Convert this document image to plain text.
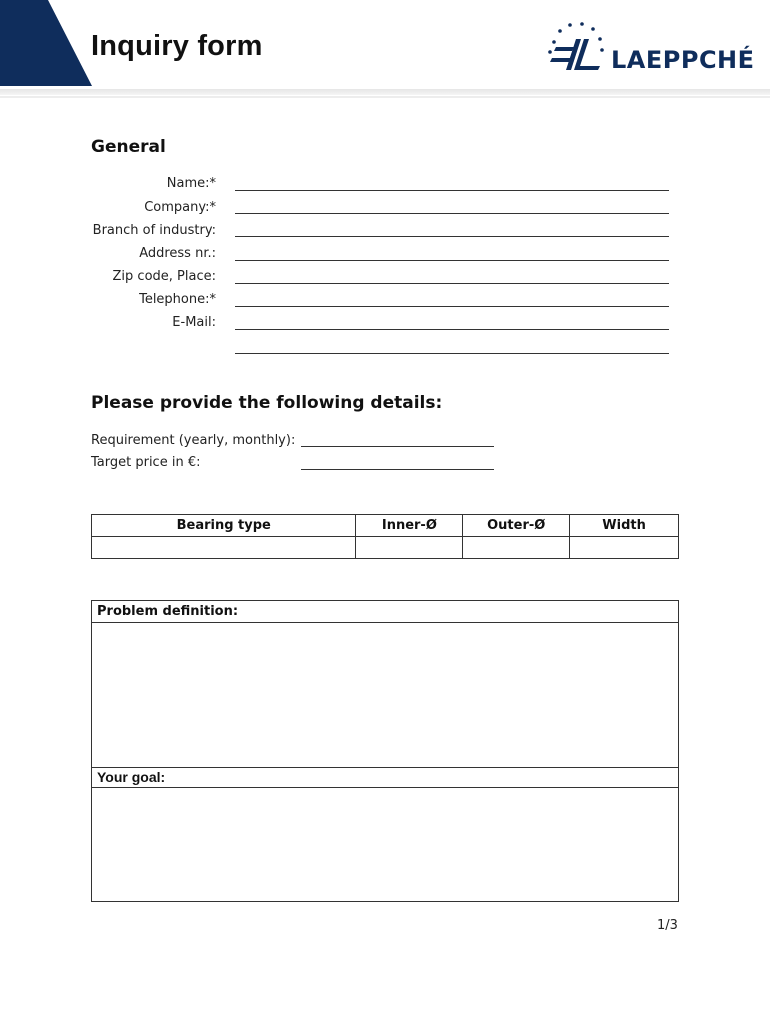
Inquiry form	LAEPPCHÉ
General
Name:*
Company:*
Branch of industry:
Address nr.:
Zip code, Place:
Telephone:*
E-Mail:
Please provide the following details:
Requirement (yearly, monthly):
Target price in €:
Bearing type	Inner-Ø	Outer-Ø	Width

Problem definition:
Your goal:
1/3
